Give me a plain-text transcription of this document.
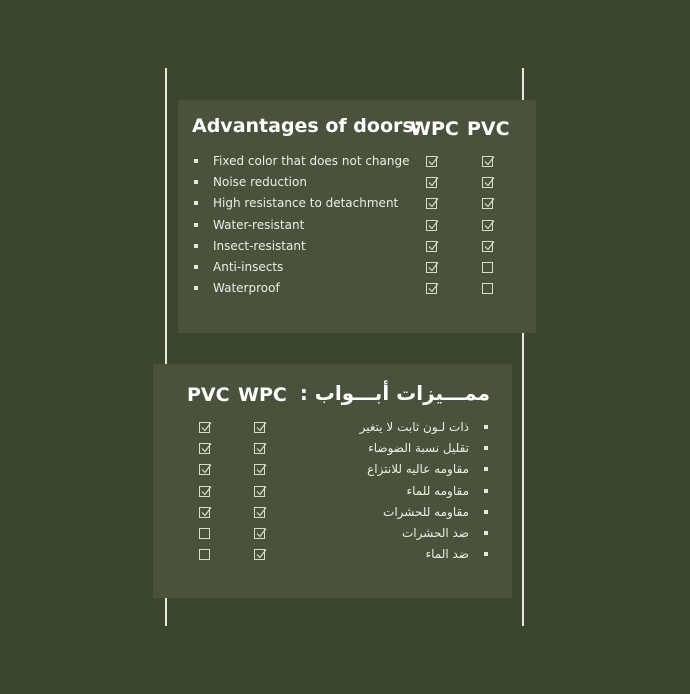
Advantages of doors:
WPC PVC
Fixed color that does not change
Noise reduction
High resistance to detachment
Water-resistant
Insect-resistant
Anti-insects
Waterproof
PVC WPC ممـــيزات أبـــواب :
ذات لـون ثابت لا يتغير
تقليل نسبة الضوضاء
مقاومه عاليه للانتزاع
مقاومه للماء
مقاومه للحشرات
ضد الحشرات
ضد الماء
